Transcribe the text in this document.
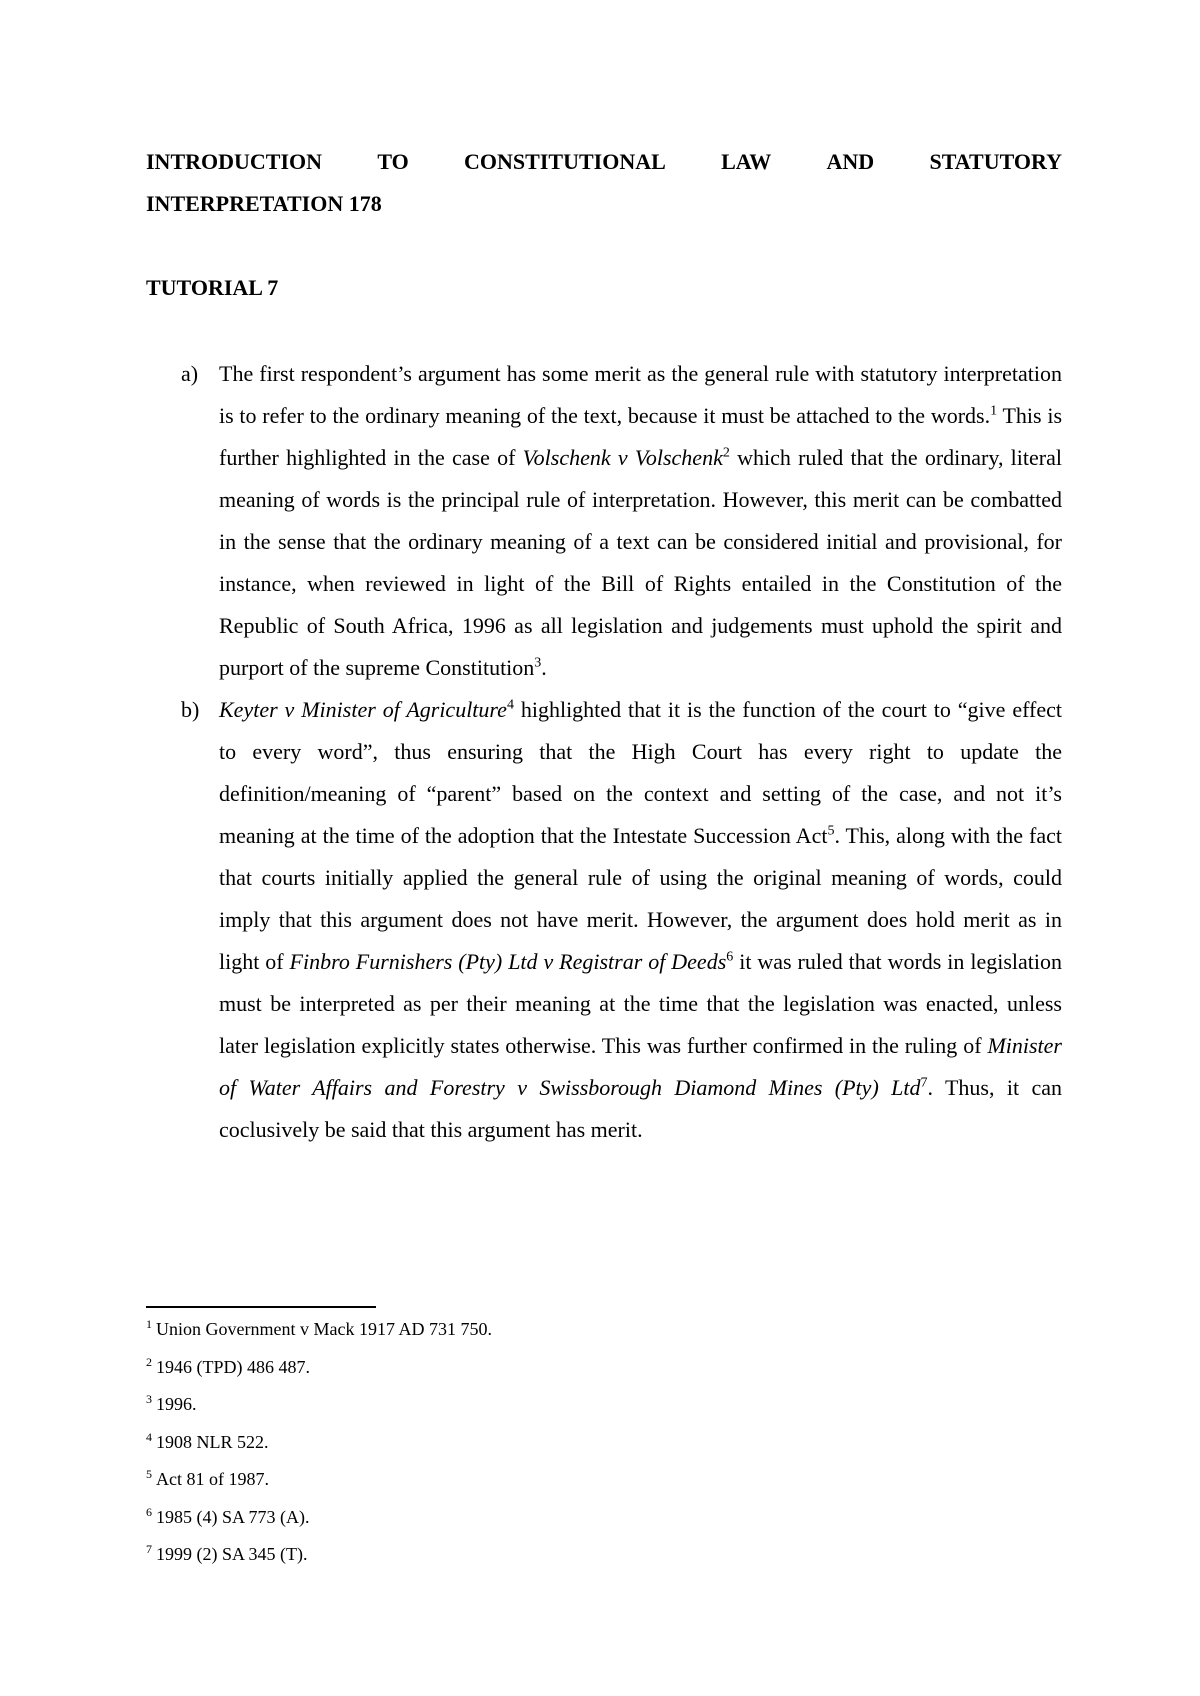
INTRODUCTION	TO	CONSTITUTIONAL	LAW	AND	STATUTORY
INTERPRETATION 178

TUTORIAL 7

a) The first respondent’s argument has some merit as the general rule with statutory interpretation is to refer to the ordinary meaning of the text, because it must be attached to the words.$^1$ This is further highlighted in the case of Volschenk v Volschenk$^2$ which ruled that the ordinary, literal meaning of words is the principal rule of interpretation. However, this merit can be combatted in the sense that the ordinary meaning of a text can be considered initial and provisional, for instance, when reviewed in light of the Bill of Rights entailed in the Constitution of the Republic of South Africa, 1996 as all legislation and judgements must uphold the spirit and purport of the supreme Constitution$^3$.
b) Keyter v Minister of Agriculture$^4$ highlighted that it is the function of the court to “give effect to every word”, thus ensuring that the High Court has every right to update the definition/meaning of “parent” based on the context and setting of the case, and not it’s meaning at the time of the adoption that the Intestate Succession Act$^5$. This, along with the fact that courts initially applied the general rule of using the original meaning of words, could imply that this argument does not have merit. However, the argument does hold merit as in light of Finbro Furnishers (Pty) Ltd v Registrar of Deeds$^6$ it was ruled that words in legislation must be interpreted as per their meaning at the time that the legislation was enacted, unless later legislation explicitly states otherwise. This was further confirmed in the ruling of Minister of Water Affairs and Forestry v Swissborough Diamond Mines (Pty) Ltd$^7$. Thus, it can coclusively be said that this argument has merit.
$^1$ Union Government v Mack 1917 AD 731 750.
$^2$ 1946 (TPD) 486 487.
$^3$ 1996.
$^4$ 1908 NLR 522.
$^5$ Act 81 of 1987.
$^6$ 1985 (4) SA 773 (A).
$^7$ 1999 (2) SA 345 (T).
